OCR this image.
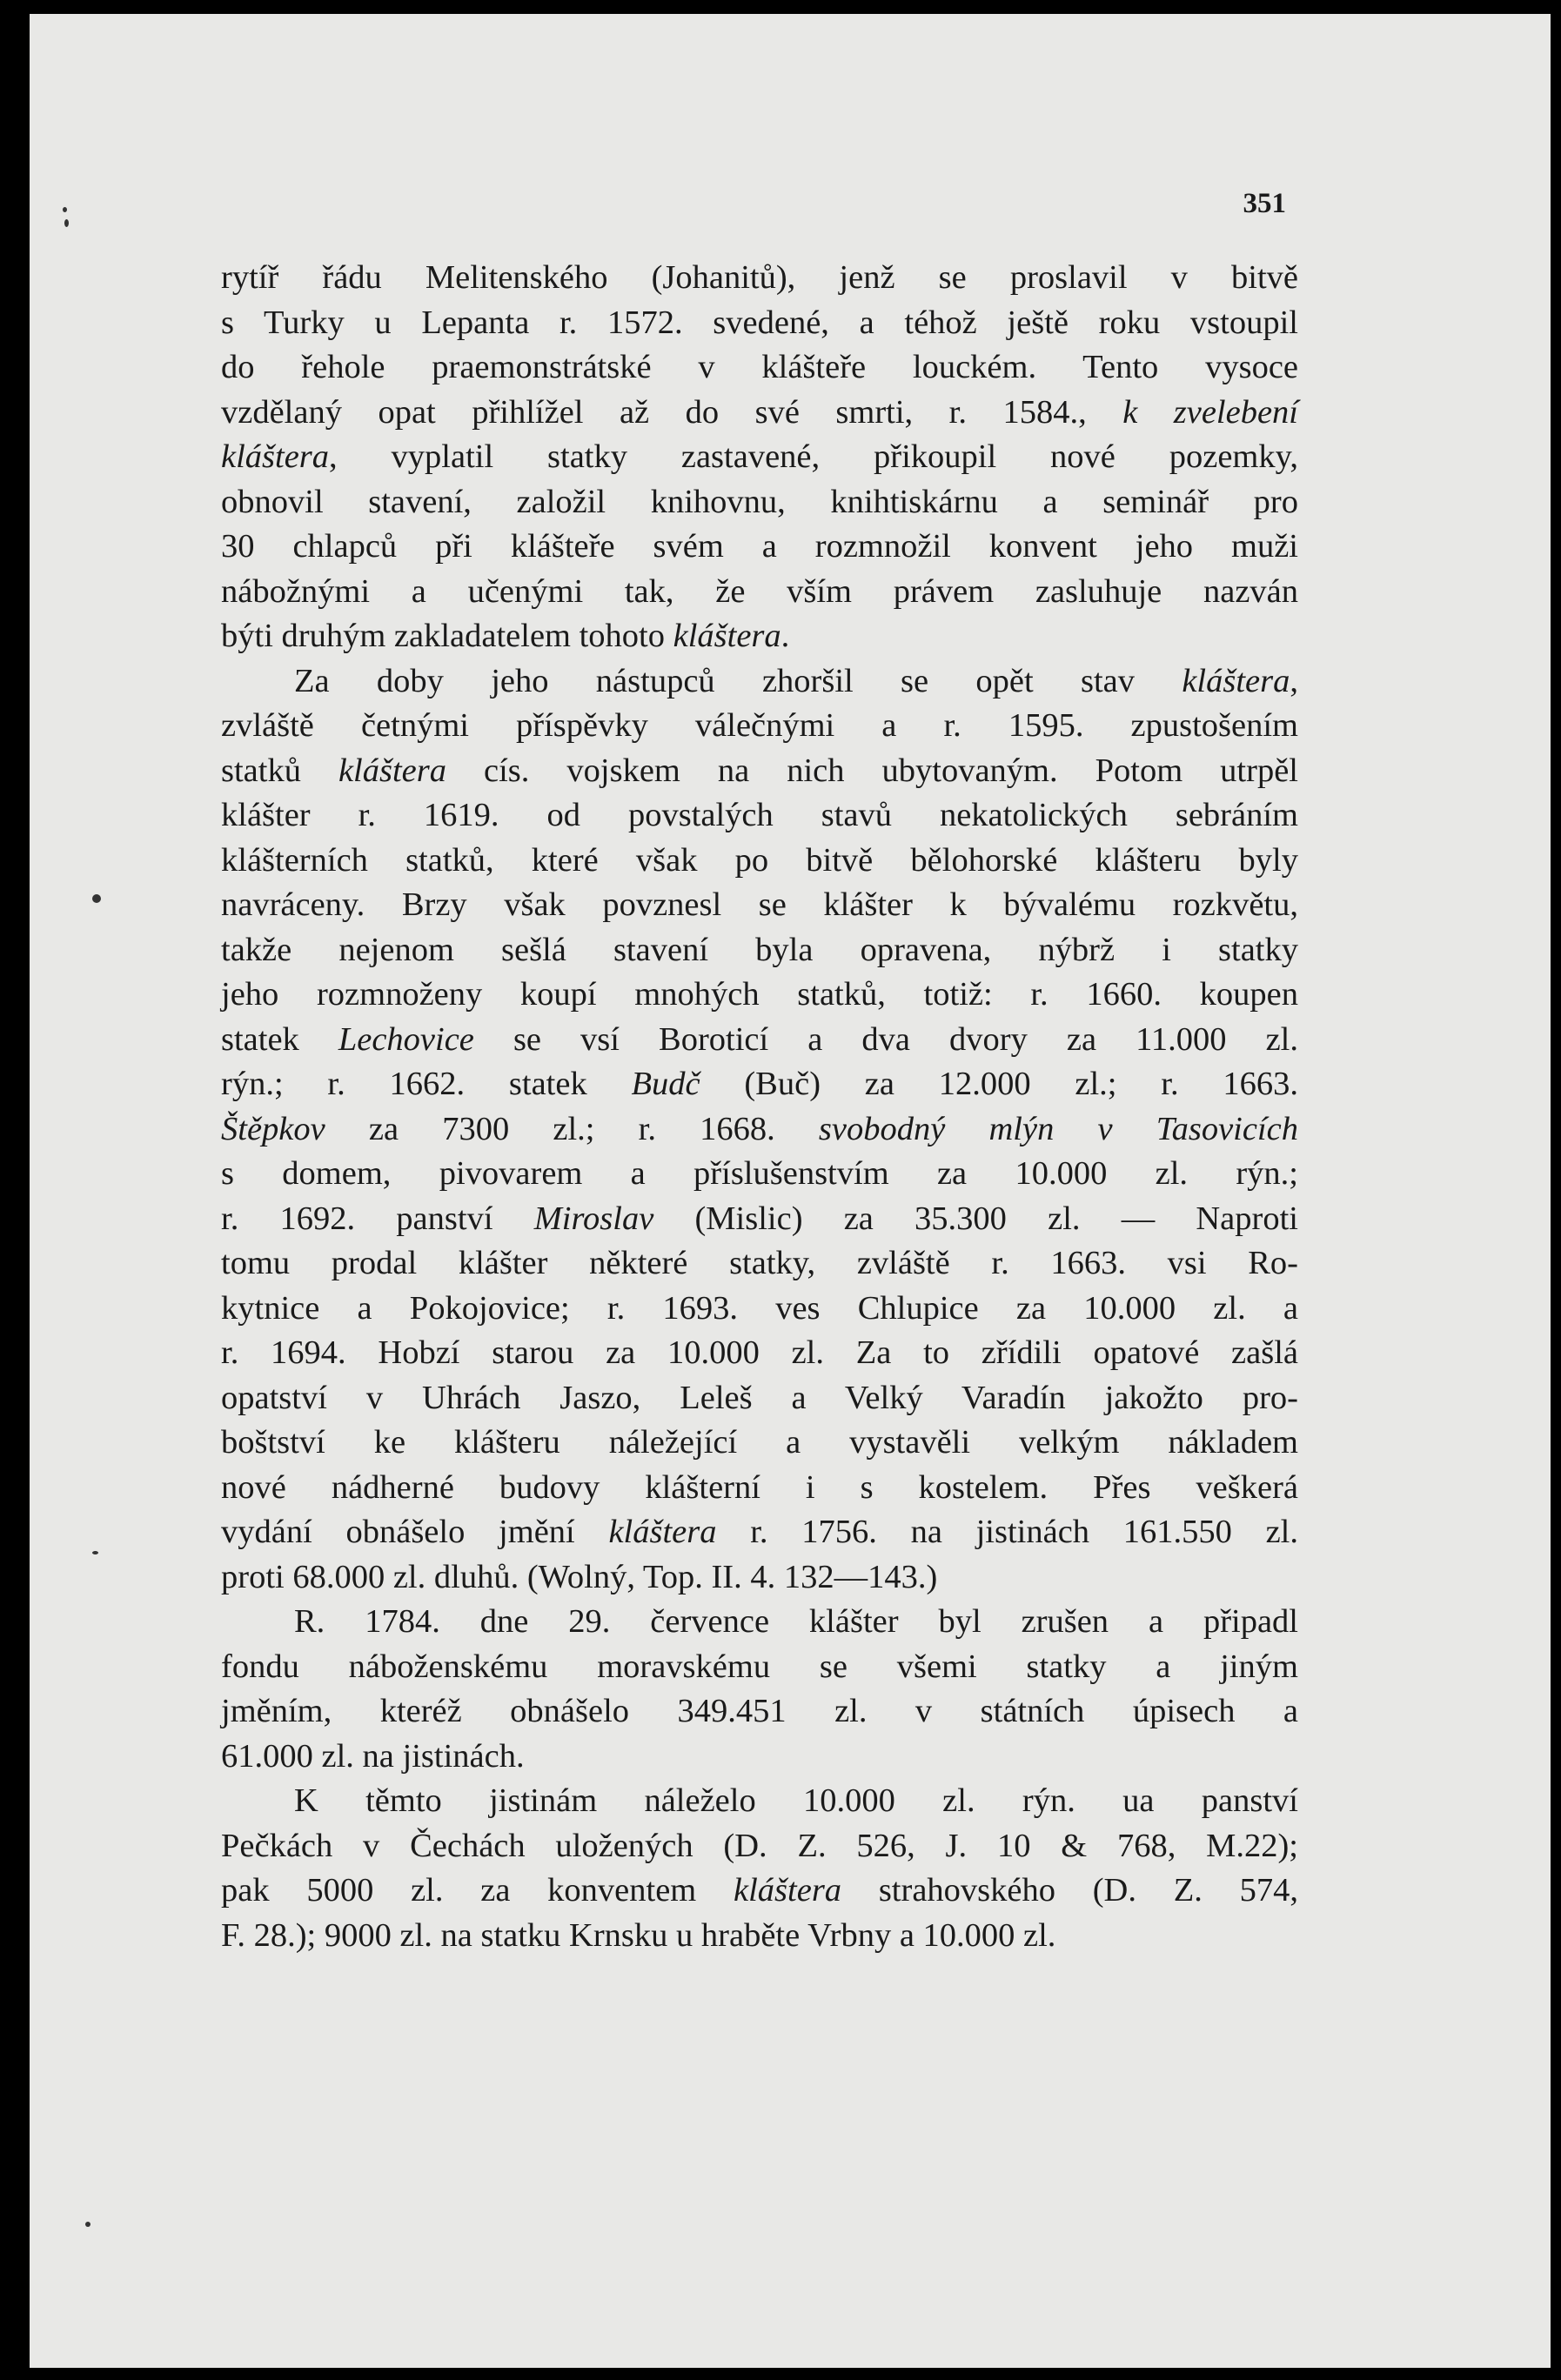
351
rytíř řádu Melitenského (Johanitů), jenž se proslavil v bitvě
s Turky u Lepanta r. 1572. svedené, a téhož ještě roku vstoupil
do řehole praemonstrátské v klášteře louckém. Tento vysoce
vzdělaný opat přihlížel až do své smrti, r. 1584., k zvelebení
kláštera, vyplatil statky zastavené, přikoupil nové pozemky,
obnovil stavení, založil knihovnu, knihtiskárnu a seminář pro
30 chlapců při klášteře svém a rozmnožil konvent jeho muži
nábožnými a učenými tak, že vším právem zasluhuje nazván
býti druhým zakladatelem tohoto kláštera.
Za doby jeho nástupců zhoršil se opět stav kláštera,
zvláště četnými příspěvky válečnými a r. 1595. zpustošením
statků kláštera cís. vojskem na nich ubytovaným. Potom utrpěl
klášter r. 1619. od povstalých stavů nekatolických sebráním
klášterních statků, které však po bitvě bělohorské klášteru byly
navráceny. Brzy však povznesl se klášter k bývalému rozkvětu,
takže nejenom sešlá stavení byla opravena, nýbrž i statky
jeho rozmnoženy koupí mnohých statků, totiž: r. 1660. koupen
statek Lechovice se vsí Boroticí a dva dvory za 11.000 zl.
rýn.; r. 1662. statek Budč (Buč) za 12.000 zl.; r. 1663.
Štěpkov za 7300 zl.; r. 1668. svobodný mlýn v Tasovicích
s domem, pivovarem a příslušenstvím za 10.000 zl. rýn.;
r. 1692. panství Miroslav (Mislic) za 35.300 zl. — Naproti
tomu prodal klášter některé statky, zvláště r. 1663. vsi Ro-
kytnice a Pokojovice; r. 1693. ves Chlupice za 10.000 zl. a
r. 1694. Hobzí starou za 10.000 zl. Za to zřídili opatové zašlá
opatství v Uhrách Jaszo, Leleš a Velký Varadín jakožto pro-
boštství ke klášteru náležející a vystavěli velkým nákladem
nové nádherné budovy klášterní i s kostelem. Přes veškerá
vydání obnášelo jmění kláštera r. 1756. na jistinách 161.550 zl.
proti 68.000 zl. dluhů. (Wolný, Top. II. 4. 132—143.)
R. 1784. dne 29. července klášter byl zrušen a připadl
fondu náboženskému moravskému se všemi statky a jiným
jměním, kteréž obnášelo 349.451 zl. v státních úpisech a
61.000 zl. na jistinách.
K těmto jistinám náleželo 10.000 zl. rýn. ua panství
Pečkách v Čechách uložených (D. Z. 526, J. 10 & 768, M.22);
pak 5000 zl. za konventem kláštera strahovského (D. Z. 574,
F. 28.); 9000 zl. na statku Krnsku u hraběte Vrbny a 10.000 zl.
